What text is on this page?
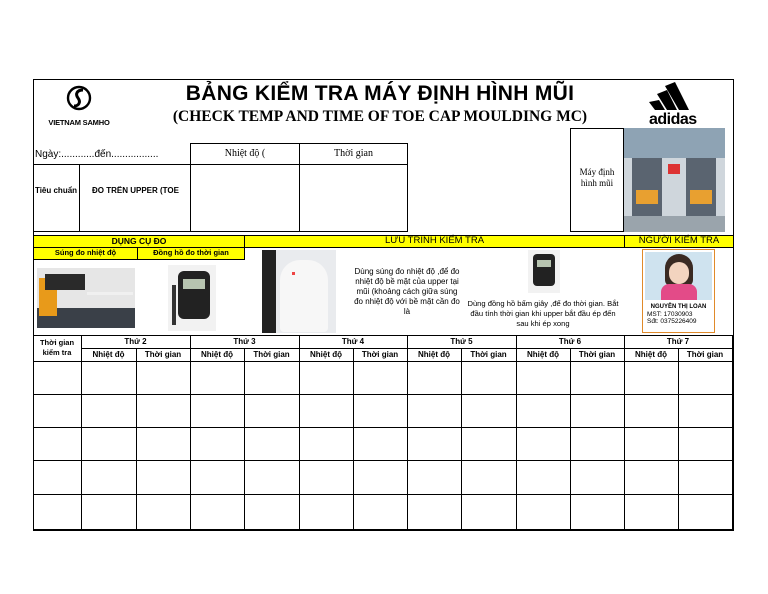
VIETNAM SAMHO
BẢNG KIỂM TRA MÁY ĐỊNH HÌNH MŨI
(CHECK TEMP AND TIME OF TOE CAP MOULDING MC)	adidas
Ngày:............đến.................	Nhiệt độ (	Thời gian
Tiêu chuẩn ĐO TRÊN UPPER (TOE
Máy định hình mũi
DỤNG CỤ ĐO	LƯU TRÌNH KIỂM TRA	NGƯỜI KIỂM TRA
Súng đo nhiệt độ	Đồng hồ đo thời gian
Dùng súng đo nhiệt độ ,để đo nhiệt độ bề mặt của upper tại mũi (khoảng cách giữa súng đo nhiệt độ với bề mặt cần đo là
Dùng đồng hồ bấm giây ,để đo thời gian. Bắt đầu tính thời gian khi upper bắt đầu ép đến sau khi ép xong
NGUYỄN THỊ LOAN
MST: 17030903
Sđt: 0375226409
Thời gian kiểm tra
Thứ 2	Thứ 3	Thứ 4	Thứ 5	Thứ 6	Thứ 7
Nhiệt độ	Thời gian	Nhiệt độ	Thời gian	Nhiệt độ	Thời gian	Nhiệt độ	Thời gian	Nhiệt độ	Thời gian	Nhiệt độ	Thời gian
